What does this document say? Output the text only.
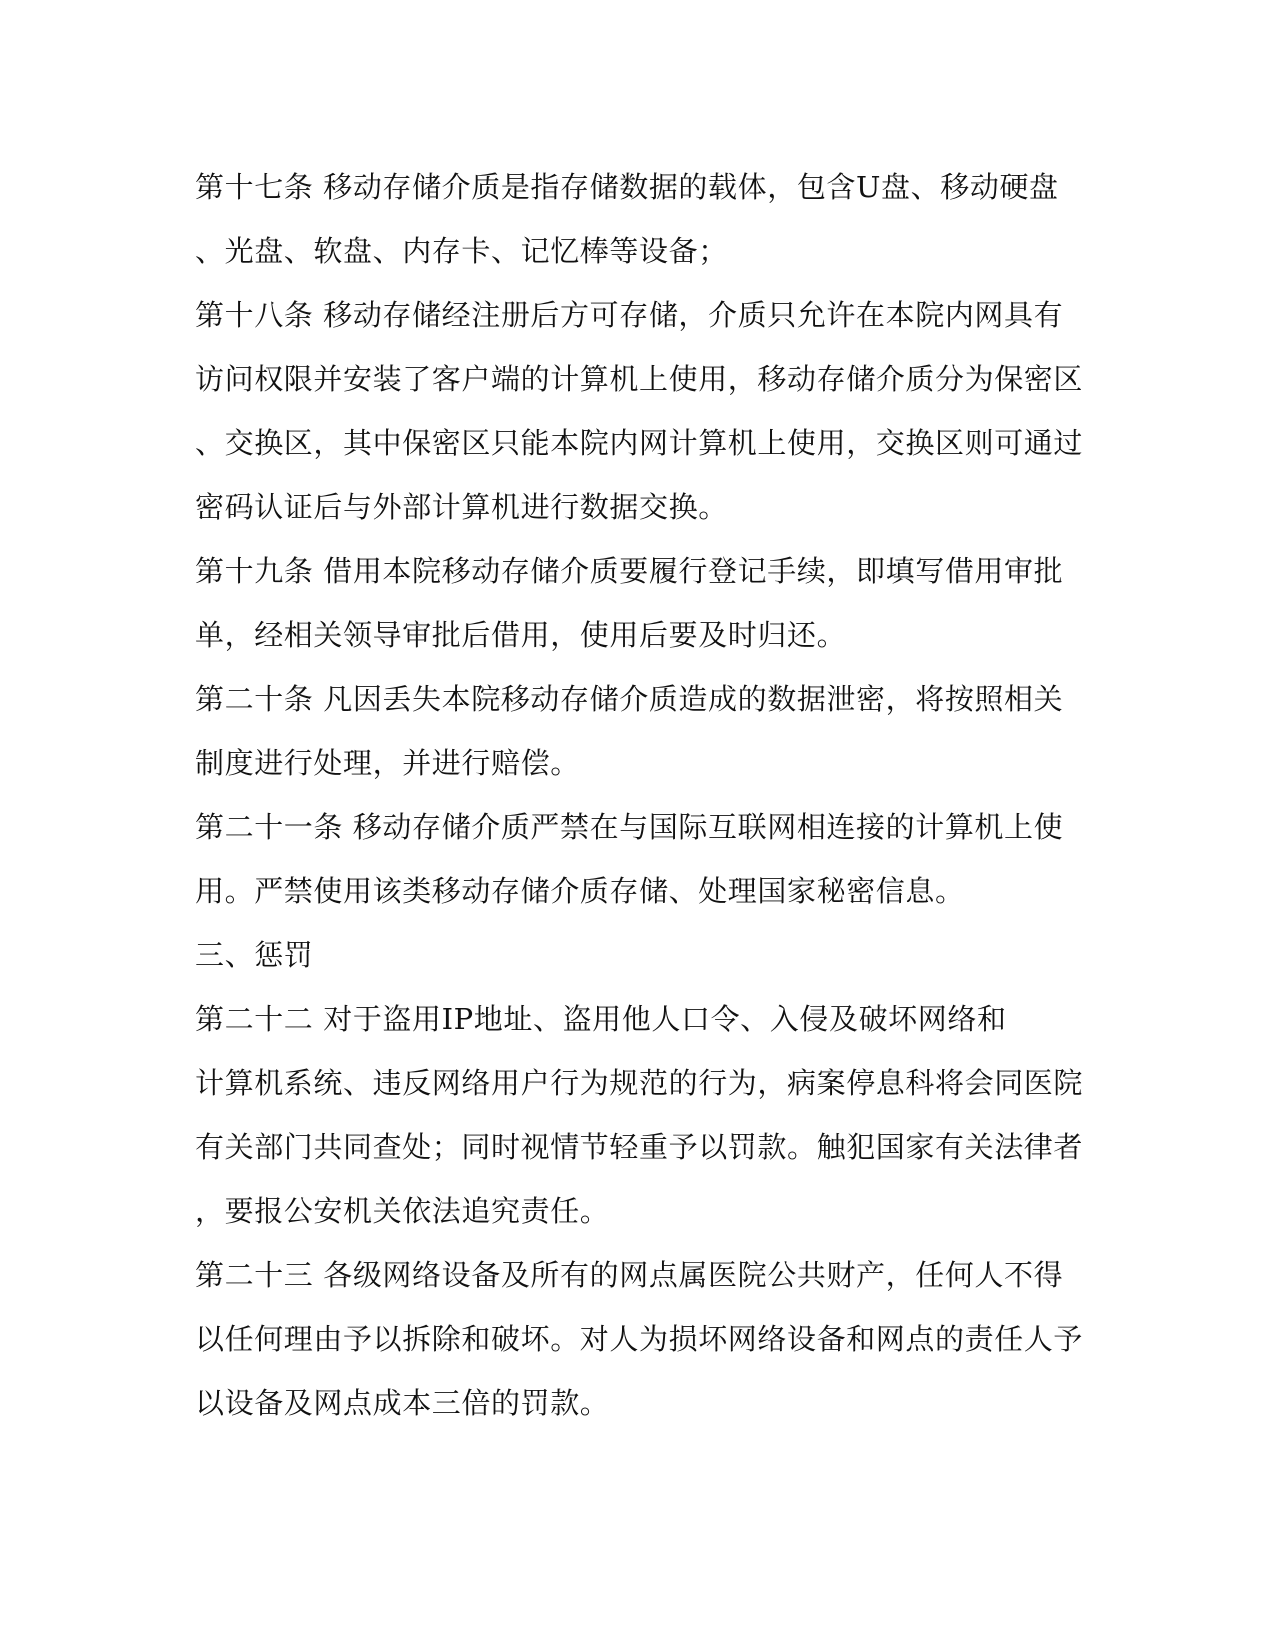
第十七条 移动存储介质是指存储数据的载体，包含U盘、移动硬盘
、光盘、软盘、内存卡、记忆棒等设备；
第十八条 移动存储经注册后方可存储，介质只允许在本院内网具有
访问权限并安装了客户端的计算机上使用，移动存储介质分为保密区
、交换区，其中保密区只能本院内网计算机上使用，交换区则可通过
密码认证后与外部计算机进行数据交换。
第十九条 借用本院移动存储介质要履行登记手续，即填写借用审批
单，经相关领导审批后借用，使用后要及时归还。
第二十条 凡因丢失本院移动存储介质造成的数据泄密，将按照相关
制度进行处理，并进行赔偿。
第二十一条 移动存储介质严禁在与国际互联网相连接的计算机上使
用。严禁使用该类移动存储介质存储、处理国家秘密信息。
三、惩罚
第二十二 对于盗用IP地址、盗用他人口令、入侵及破坏网络和
计算机系统、违反网络用户行为规范的行为，病案停息科将会同医院
有关部门共同查处；同时视情节轻重予以罚款。触犯国家有关法律者
，要报公安机关依法追究责任。
第二十三 各级网络设备及所有的网点属医院公共财产，任何人不得
以任何理由予以拆除和破坏。对人为损坏网络设备和网点的责任人予
以设备及网点成本三倍的罚款。
